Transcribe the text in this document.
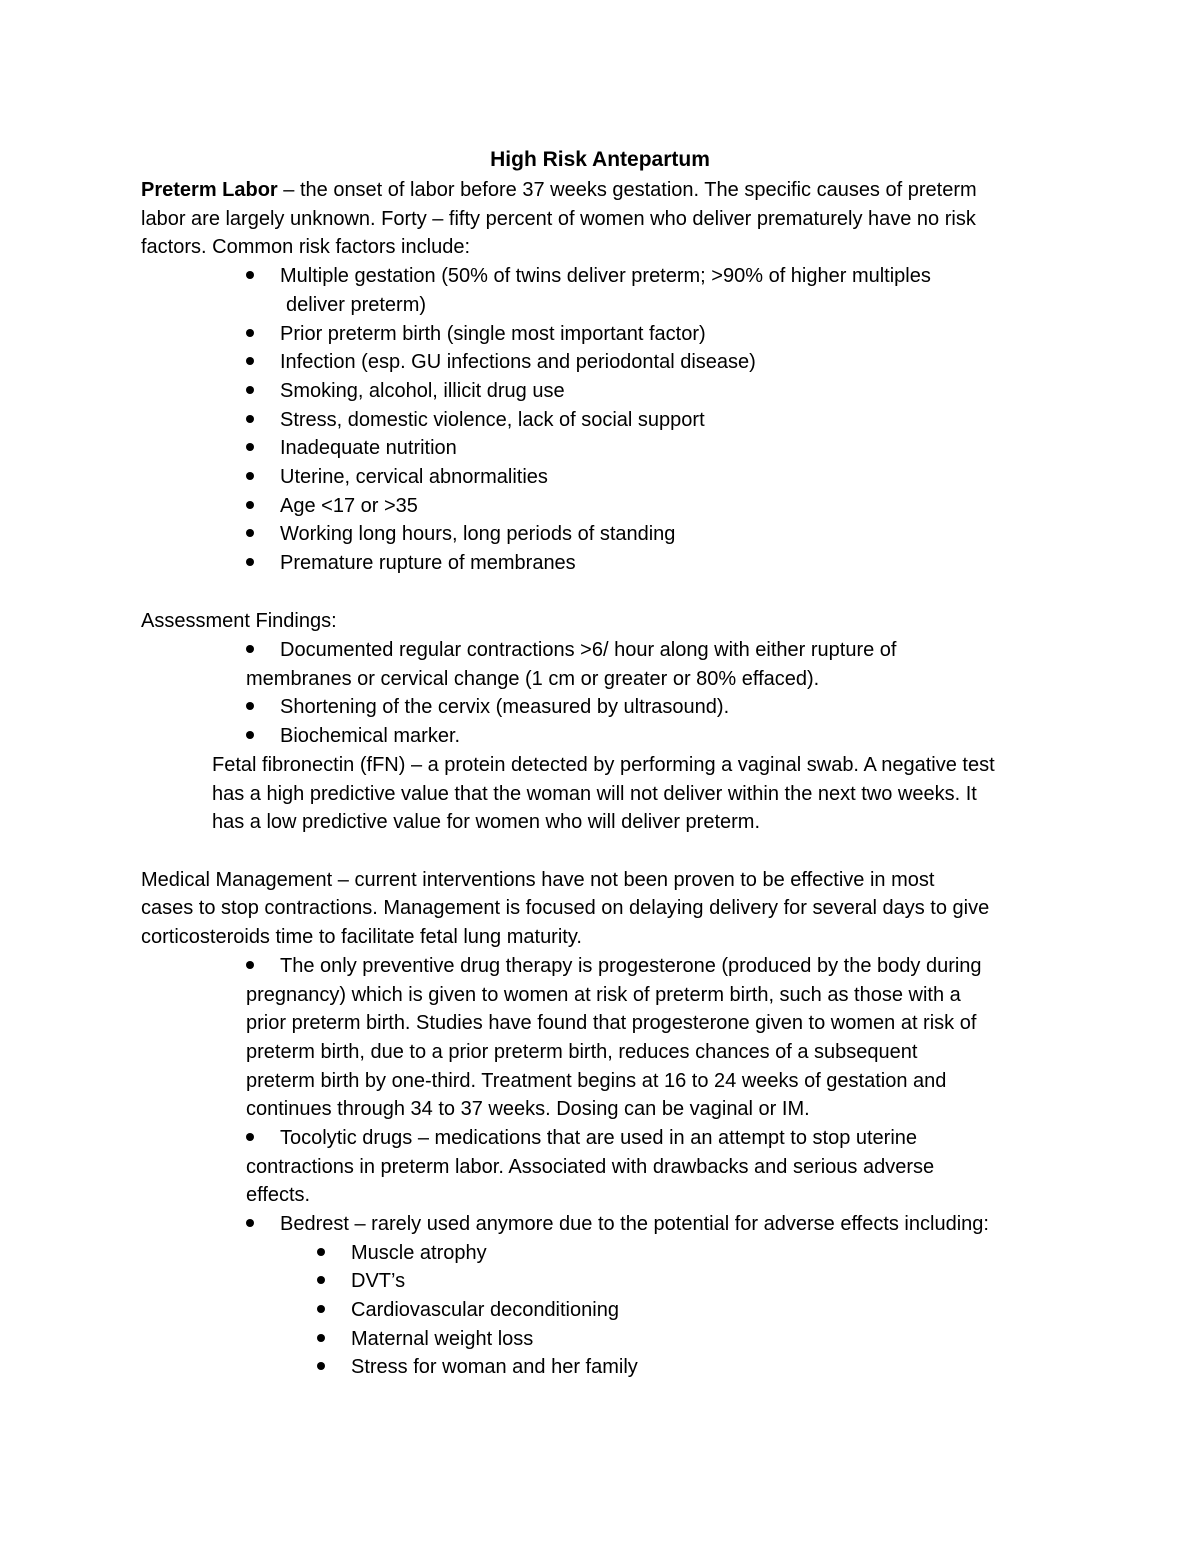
High Risk Antepartum
Preterm Labor – the onset of labor before 37 weeks gestation. The specific causes of preterm
labor are largely unknown. Forty – fifty percent of women who deliver prematurely have no risk
factors. Common risk factors include:
Multiple gestation (50% of twins deliver preterm; >90% of higher multiples
deliver preterm)
Prior preterm birth (single most important factor)
Infection (esp. GU infections and periodontal disease)
Smoking, alcohol, illicit drug use
Stress, domestic violence, lack of social support
Inadequate nutrition
Uterine, cervical abnormalities
Age <17 or >35
Working long hours, long periods of standing
Premature rupture of membranes
Assessment Findings:
Documented regular contractions >6/ hour along with either rupture of
membranes or cervical change (1 cm or greater or 80% effaced).
Shortening of the cervix (measured by ultrasound).
Biochemical marker.
Fetal fibronectin (fFN) – a protein detected by performing a vaginal swab. A negative test
has a high predictive value that the woman will not deliver within the next two weeks. It
has a low predictive value for women who will deliver preterm.
Medical Management – current interventions have not been proven to be effective in most
cases to stop contractions. Management is focused on delaying delivery for several days to give
corticosteroids time to facilitate fetal lung maturity.
The only preventive drug therapy is progesterone (produced by the body during
pregnancy) which is given to women at risk of preterm birth, such as those with a
prior preterm birth. Studies have found that progesterone given to women at risk of
preterm birth, due to a prior preterm birth, reduces chances of a subsequent
preterm birth by one-third. Treatment begins at 16 to 24 weeks of gestation and
continues through 34 to 37 weeks. Dosing can be vaginal or IM.
Tocolytic drugs – medications that are used in an attempt to stop uterine
contractions in preterm labor. Associated with drawbacks and serious adverse
effects.
Bedrest – rarely used anymore due to the potential for adverse effects including:
Muscle atrophy
DVT’s
Cardiovascular deconditioning
Maternal weight loss
Stress for woman and her family
